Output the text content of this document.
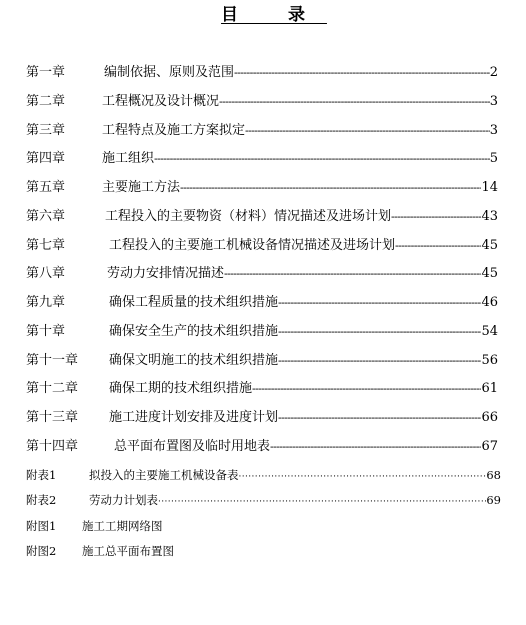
目 录
第一章	编制依据、原则及范围 -----	2
第二章	工程概况及设计概况 -----	3
第三章	工程特点及施工方案拟定 -----	3
第四章	施工组织 -----	5
第五章	主要施工方法 -----	14
第六章	工程投入的主要物资（材料）情况描述及进场计划 -----	43
第七章	工程投入的主要施工机械设备情况描述及进场计划 -----	45
第八章	劳动力安排情况描述 -----	45
第九章	确保工程质量的技术组织措施 -----	46
第十章	确保安全生产的技术组织措施 -----	54
第十一章	确保文明施工的技术组织措施 -----	56
第十二章	确保工期的技术组织措施 -----	61
第十三章	施工进度计划安排及进度计划 -----	66
第十四章	总平面布置图及临时用地表 -----	67
附表1	拟投入的主要施工机械设备表 ·····	68
附表2	劳动力计划表 ·····	69
附图1	施工工期网络图
附图2	施工总平面布置图
